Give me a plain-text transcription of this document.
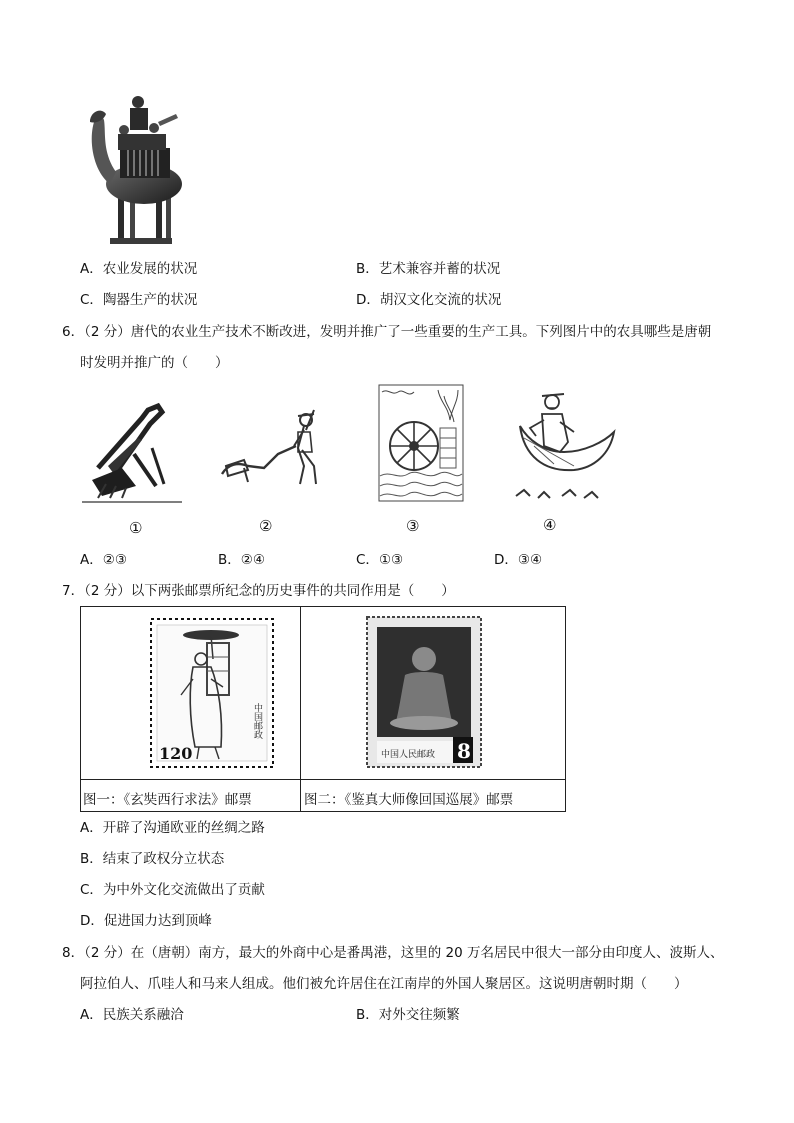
A．农业发展的状况	B．艺术兼容并蓄的状况
C．陶器生产的状况	D．胡汉文化交流的状况
6．（2 分）唐代的农业生产技术不断改进，发明并推广了一些重要的生产工具。下列图片中的农具哪些是唐朝
时发明并推广的（　　）
①	②	③	④
A．②③	B．②④	C．①③	D．③④
7．（2 分）以下两张邮票所纪念的历史事件的共同作用是（　　）
中国邮政
120	中国人民邮政 8
图一：《玄奘西行求法》邮票	图二：《鉴真大师像回国巡展》邮票
A．开辟了沟通欧亚的丝绸之路
B．结束了政权分立状态
C．为中外文化交流做出了贡献
D．促进国力达到顶峰
8．（2 分）在（唐朝）南方，最大的外商中心是番禺港，这里的 20 万名居民中很大一部分由印度人、波斯人、
阿拉伯人、爪哇人和马来人组成。他们被允许居住在江南岸的外国人聚居区。这说明唐朝时期（　　）
A．民族关系融洽	B．对外交往频繁
